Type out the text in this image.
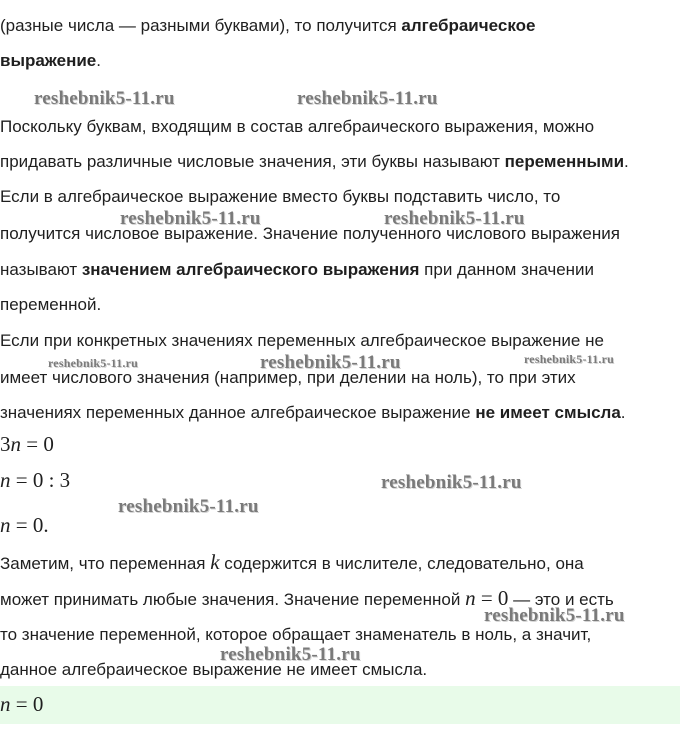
(разные числа — разными буквами), то получится алгебраическое
выражение.
Поскольку буквам, входящим в состав алгебраического выражения, можно
придавать различные числовые значения, эти буквы называют переменными.
Если в алгебраическое выражение вместо буквы подставить число, то
получится числовое выражение. Значение полученного числового выражения
называют значением алгебраического выражения при данном значении
переменной.
Если при конкретных значениях переменных алгебраическое выражение не
имеет числового значения (например, при делении на ноль), то при этих
значениях переменных данное алгебраическое выражение не имеет смысла.
3n = 0
n = 0 : 3
n = 0.
Заметим, что переменная k содержится в числителе, следовательно, она
может принимать любые значения. Значение переменной n = 0 — это и есть
то значение переменной, которое обращает знаменатель в ноль, а значит,
данное алгебраическое выражение не имеет смысла.
n = 0
reshebnik5-11.ru	reshebnik5-11.ru
reshebnik5-11.ru	reshebnik5-11.ru
reshebnik5-11.ru	reshebnik5-11.ru	reshebnik5-11.ru
reshebnik5-11.ru
reshebnik5-11.ru
reshebnik5-11.ru
reshebnik5-11.ru
